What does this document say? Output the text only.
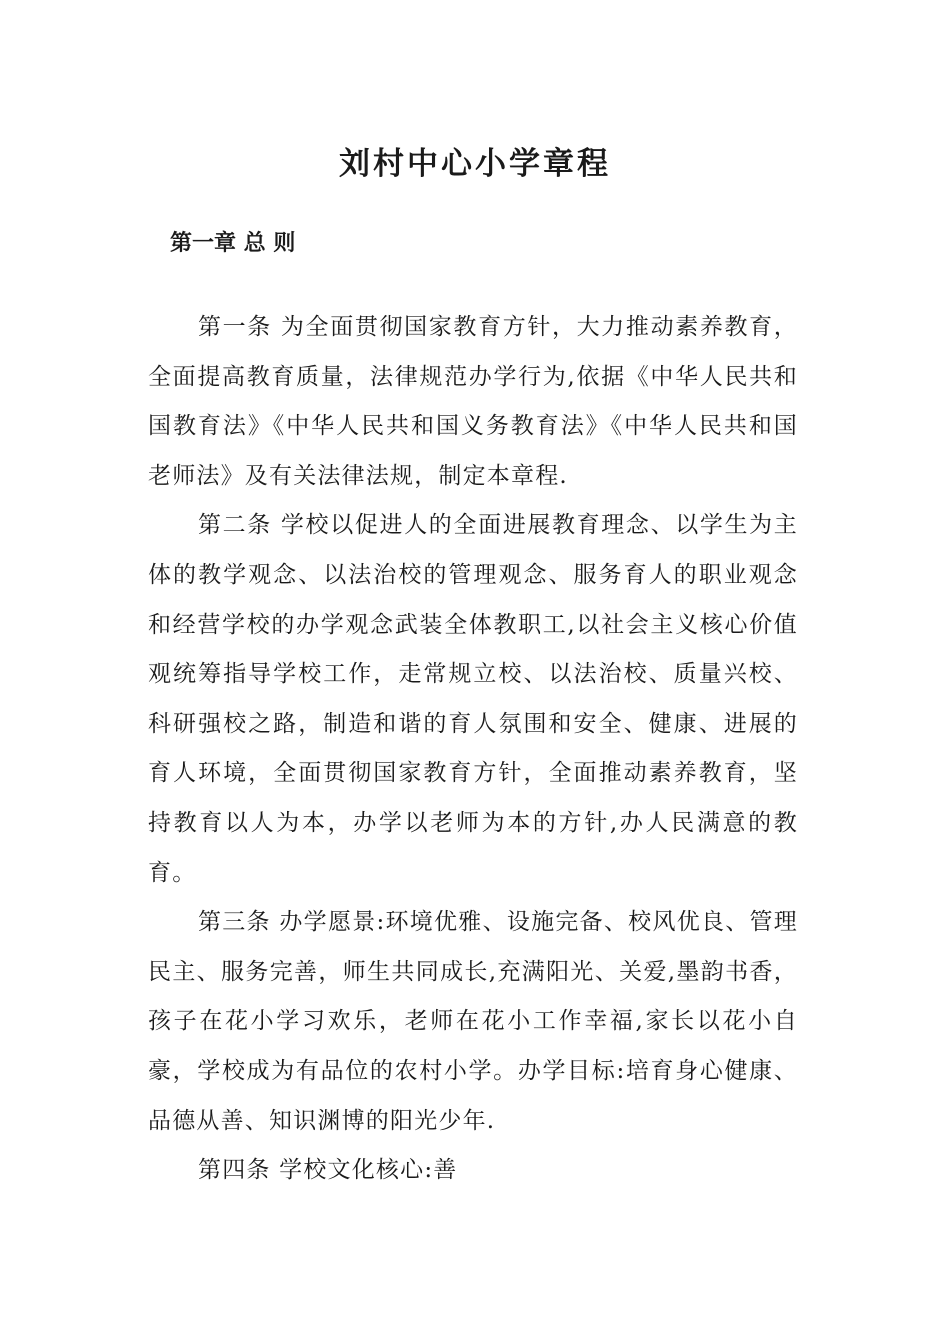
刘村中心小学章程
第一章 总 则

第一条 为全面贯彻国家教育方针，大力推动素养教育，全面提高教育质量，法律规范办学行为,依据《中华人民共和国教育法》《中华人民共和国义务教育法》《中华人民共和国老师法》及有关法律法规，制定本章程.

第二条 学校以促进人的全面进展教育理念、以学生为主体的教学观念、以法治校的管理观念、服务育人的职业观念和经营学校的办学观念武装全体教职工,以社会主义核心价值观统筹指导学校工作，走常规立校、以法治校、质量兴校、科研强校之路，制造和谐的育人氛围和安全、健康、进展的育人环境，全面贯彻国家教育方针，全面推动素养教育，坚持教育以人为本，办学以老师为本的方针,办人民满意的教育。

第三条 办学愿景:环境优雅、设施完备、校风优良、管理民主、服务完善，师生共同成长,充满阳光、关爱,墨韵书香，孩子在花小学习欢乐，老师在花小工作幸福,家长以花小自豪，学校成为有品位的农村小学。办学目标:培育身心健康、品德从善、知识渊博的阳光少年.

第四条 学校文化核心:善
